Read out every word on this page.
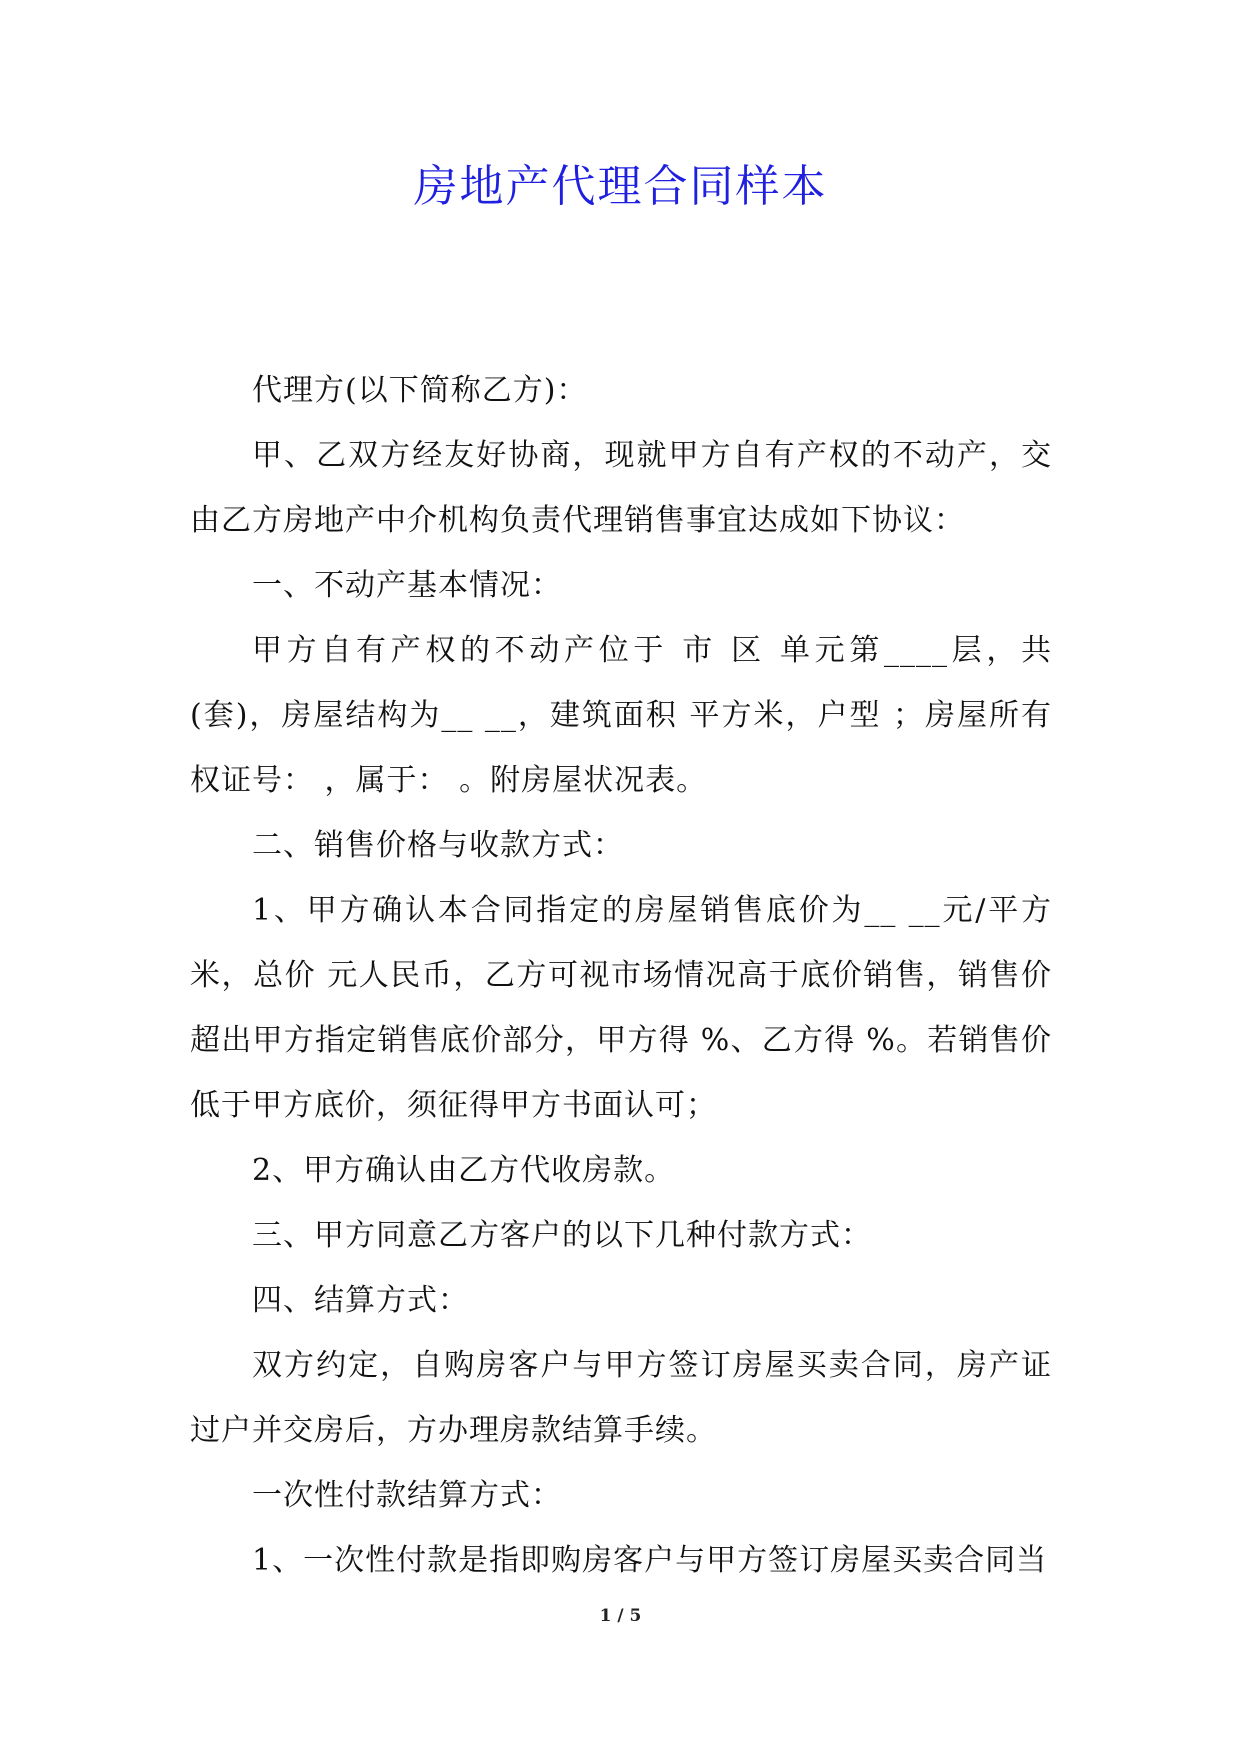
房地产代理合同样本

代理方(以下简称乙方)：

甲、乙双方经友好协商，现就甲方自有产权的不动产，交由乙方房地产中介机构负责代理销售事宜达成如下协议：

一、不动产基本情况：

甲方自有产权的不动产位于 市 区 单元第____层，共(套)，房屋结构为__ __，建筑面积 平方米，户型 ；房屋所有权证号： ，属于： 。附房屋状况表。

二、销售价格与收款方式：

1、甲方确认本合同指定的房屋销售底价为__ __元/平方米，总价 元人民币，乙方可视市场情况高于底价销售，销售价超出甲方指定销售底价部分，甲方得 %、乙方得 %。若销售价低于甲方底价，须征得甲方书面认可；

2、甲方确认由乙方代收房款。

三、甲方同意乙方客户的以下几种付款方式：

四、结算方式：

双方约定，自购房客户与甲方签订房屋买卖合同，房产证过户并交房后，方办理房款结算手续。

一次性付款结算方式：

1、一次性付款是指即购房客户与甲方签订房屋买卖合同当

1 / 5
